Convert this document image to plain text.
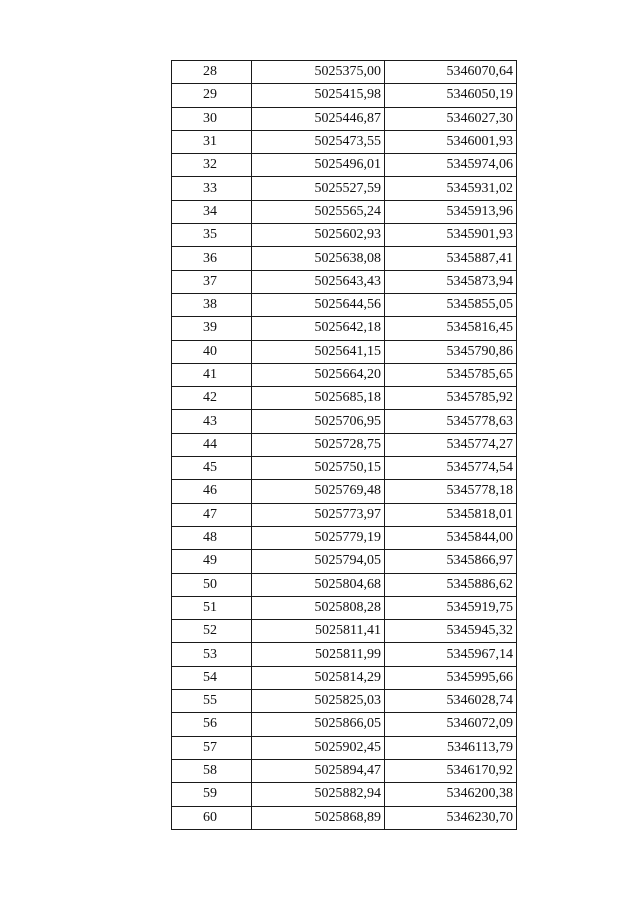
28	5025375,00	5346070,64
29	5025415,98	5346050,19
30	5025446,87	5346027,30
31	5025473,55	5346001,93
32	5025496,01	5345974,06
33	5025527,59	5345931,02
34	5025565,24	5345913,96
35	5025602,93	5345901,93
36	5025638,08	5345887,41
37	5025643,43	5345873,94
38	5025644,56	5345855,05
39	5025642,18	5345816,45
40	5025641,15	5345790,86
41	5025664,20	5345785,65
42	5025685,18	5345785,92
43	5025706,95	5345778,63
44	5025728,75	5345774,27
45	5025750,15	5345774,54
46	5025769,48	5345778,18
47	5025773,97	5345818,01
48	5025779,19	5345844,00
49	5025794,05	5345866,97
50	5025804,68	5345886,62
51	5025808,28	5345919,75
52	5025811,41	5345945,32
53	5025811,99	5345967,14
54	5025814,29	5345995,66
55	5025825,03	5346028,74
56	5025866,05	5346072,09
57	5025902,45	5346113,79
58	5025894,47	5346170,92
59	5025882,94	5346200,38
60	5025868,89	5346230,70
